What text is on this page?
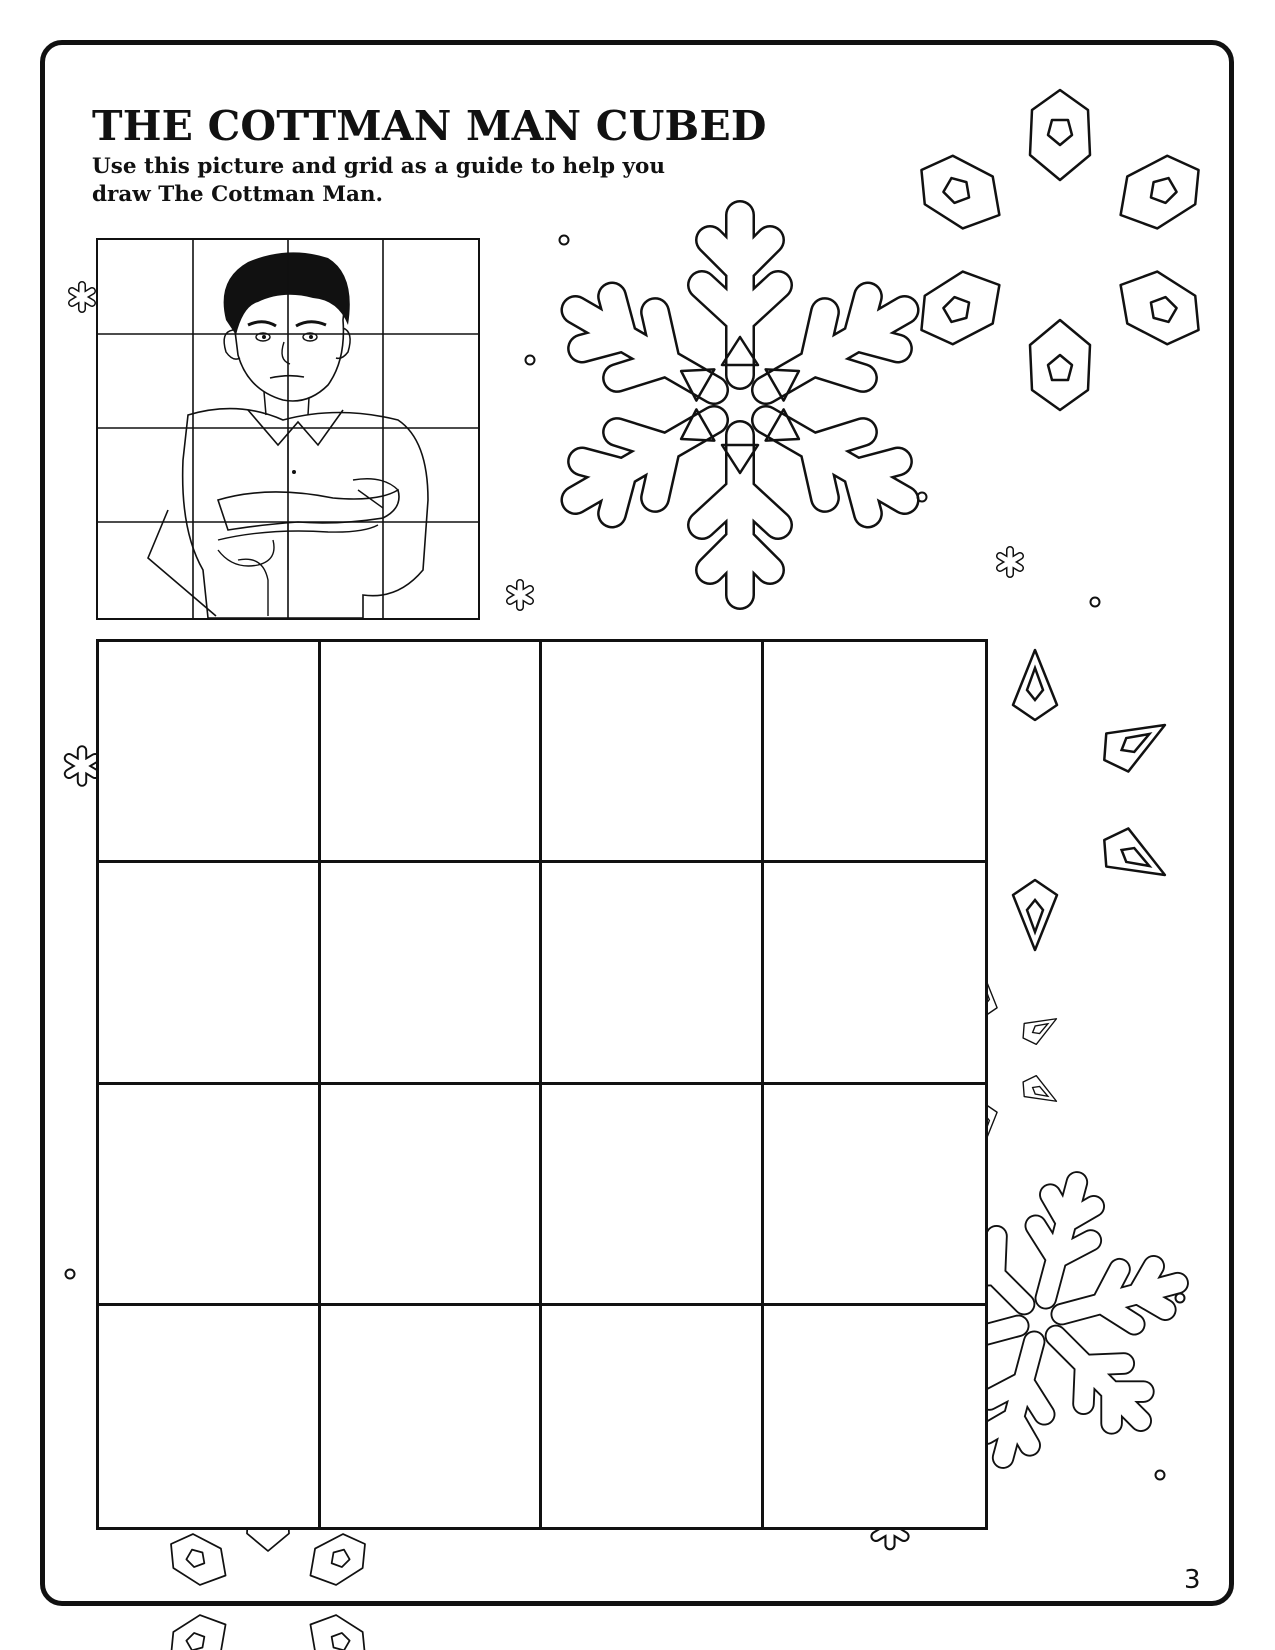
THE COTTMAN MAN CUBED

Use this picture and grid as a guide to help you draw The Cottman Man.

3
